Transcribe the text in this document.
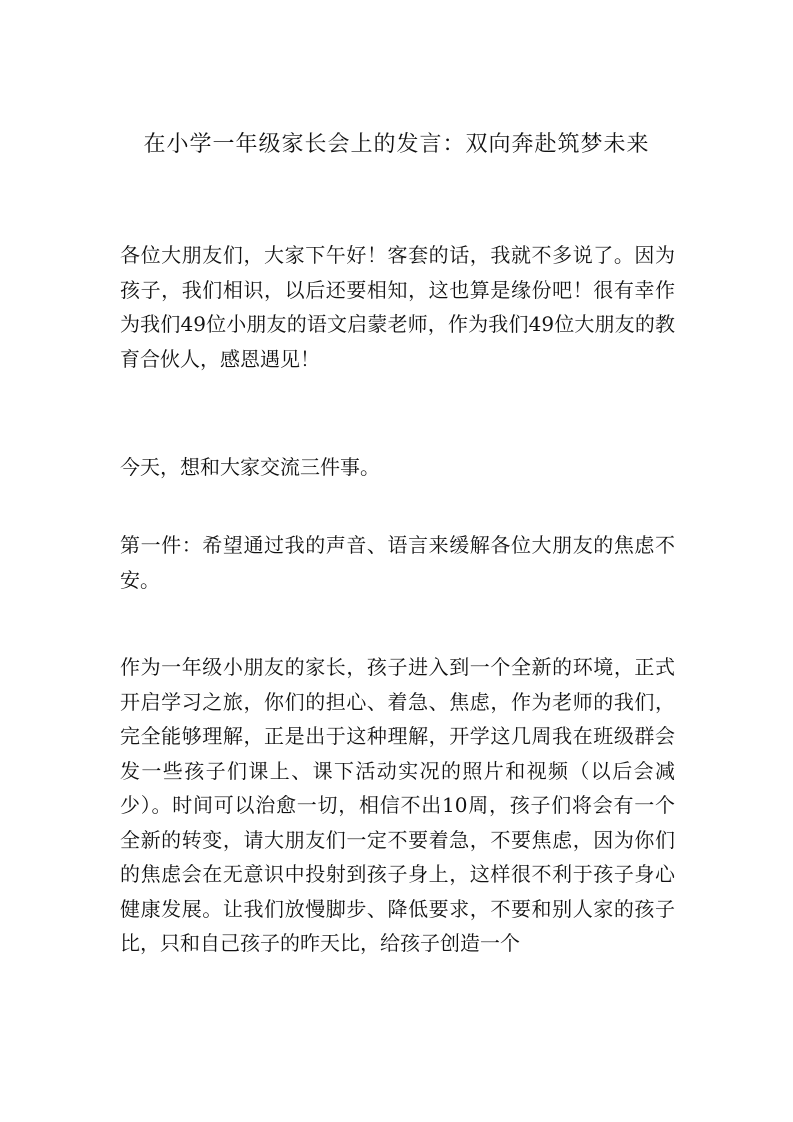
在小学一年级家长会上的发言：双向奔赴筑梦未来

各位大朋友们，大家下午好！客套的话，我就不多说了。因为孩子，我们相识，以后还要相知，这也算是缘份吧！很有幸作为我们49位小朋友的语文启蒙老师，作为我们49位大朋友的教育合伙人，感恩遇见！

今天，想和大家交流三件事。

第一件：希望通过我的声音、语言来缓解各位大朋友的焦虑不安。

作为一年级小朋友的家长，孩子进入到一个全新的环境，正式开启学习之旅，你们的担心、着急、焦虑，作为老师的我们，完全能够理解，正是出于这种理解，开学这几周我在班级群会发一些孩子们课上、课下活动实况的照片和视频（以后会减少）。时间可以治愈一切，相信不出10周，孩子们将会有一个全新的转变，请大朋友们一定不要着急，不要焦虑，因为你们的焦虑会在无意识中投射到孩子身上，这样很不利于孩子身心健康发展。让我们放慢脚步、降低要求，不要和别人家的孩子比，只和自己孩子的昨天比，给孩子创造一个
